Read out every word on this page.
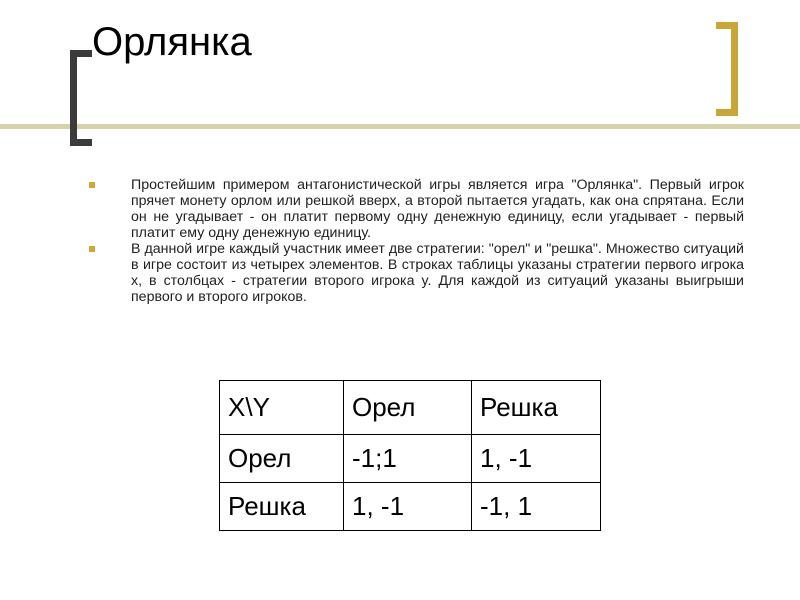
Орлянка
Простейшим примером антагонистической игры является игра "Орлянка". Первый игрок прячет монету орлом или решкой вверх, а второй пытается угадать, как она спрятана. Если он не угадывает - он платит первому одну денежную единицу, если угадывает - первый платит ему одну денежную единицу.
В данной игре каждый участник имеет две стратегии: "орел" и "решка". Множество ситуаций в игре состоит из четырех элементов. В строках таблицы указаны стратегии первого игрока x, в столбцах - стратегии второго игрока y. Для каждой из ситуаций указаны выигрыши первого и второго игроков.
X\Y	Орел	Решка
Орел	-1;1	1, -1
Решка	1, -1	-1, 1
